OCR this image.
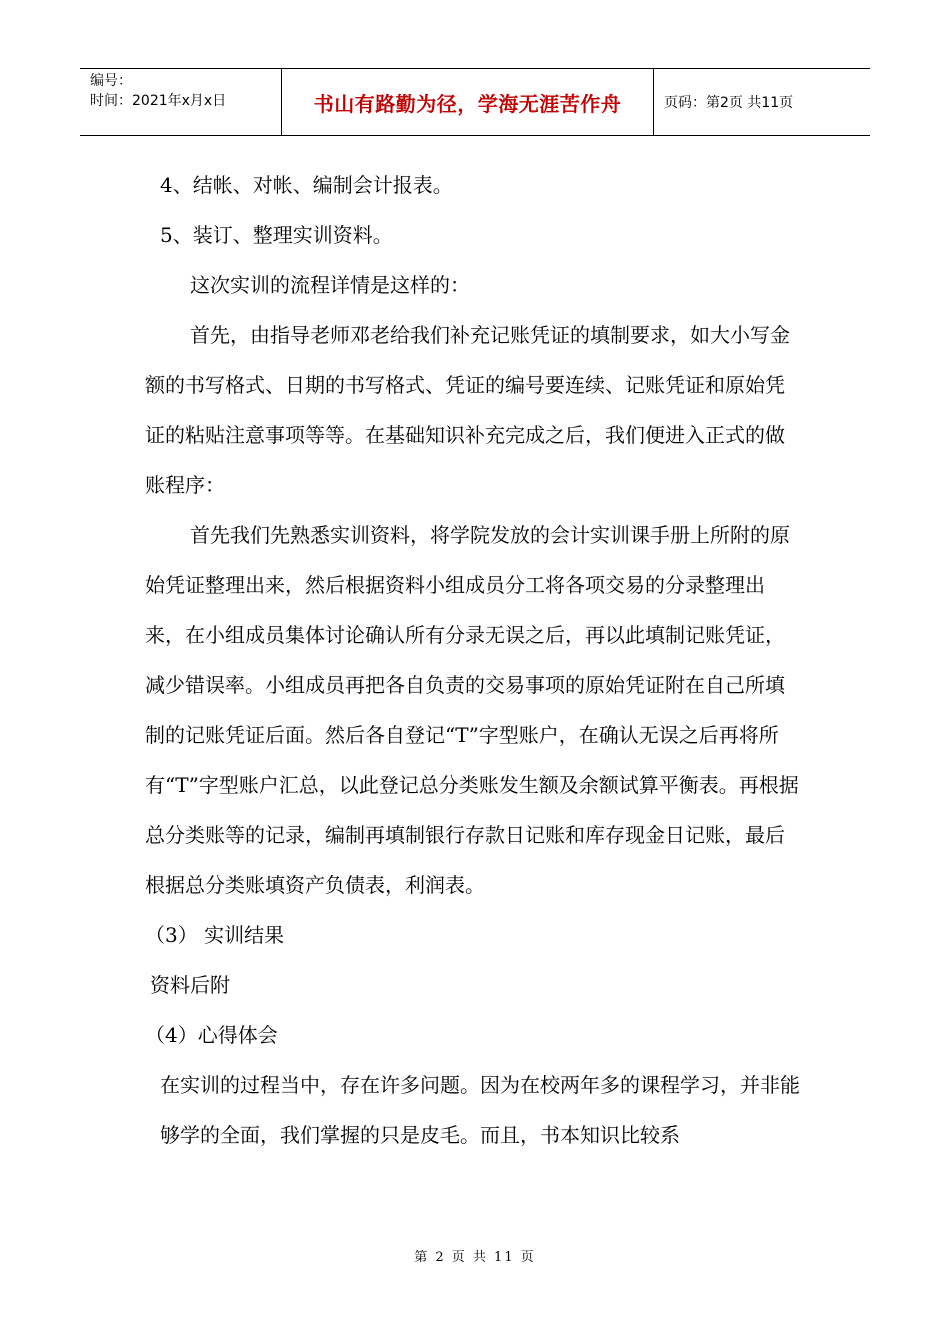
编号：
时间：2021年x月x日	书山有路勤为径，学海无涯苦作舟	页码：第2页 共11页

4、结帐、对帐、编制会计报表。

5、装订、整理实训资料。

这次实训的流程详情是这样的：

首先，由指导老师邓老给我们补充记账凭证的填制要求，如大小写金额的书写格式、日期的书写格式、凭证的编号要连续、记账凭证和原始凭证的粘贴注意事项等等。在基础知识补充完成之后，我们便进入正式的做账程序：

首先我们先熟悉实训资料，将学院发放的会计实训课手册上所附的原始凭证整理出来，然后根据资料小组成员分工将各项交易的分录整理出来，在小组成员集体讨论确认所有分录无误之后，再以此填制记账凭证，减少错误率。小组成员再把各自负责的交易事项的原始凭证附在自己所填制的记账凭证后面。然后各自登记“T”字型账户，在确认无误之后再将所有“T”字型账户汇总，以此登记总分类账发生额及余额试算平衡表。再根据总分类账等的记录，编制再填制银行存款日记账和库存现金日记账，最后根据总分类账填资产负债表，利润表。

（3） 实训结果

资料后附

（4）心得体会

在实训的过程当中，存在许多问题。因为在校两年多的课程学习，并非能够学的全面，我们掌握的只是皮毛。而且，书本知识比较系

第 2 页 共 11 页
